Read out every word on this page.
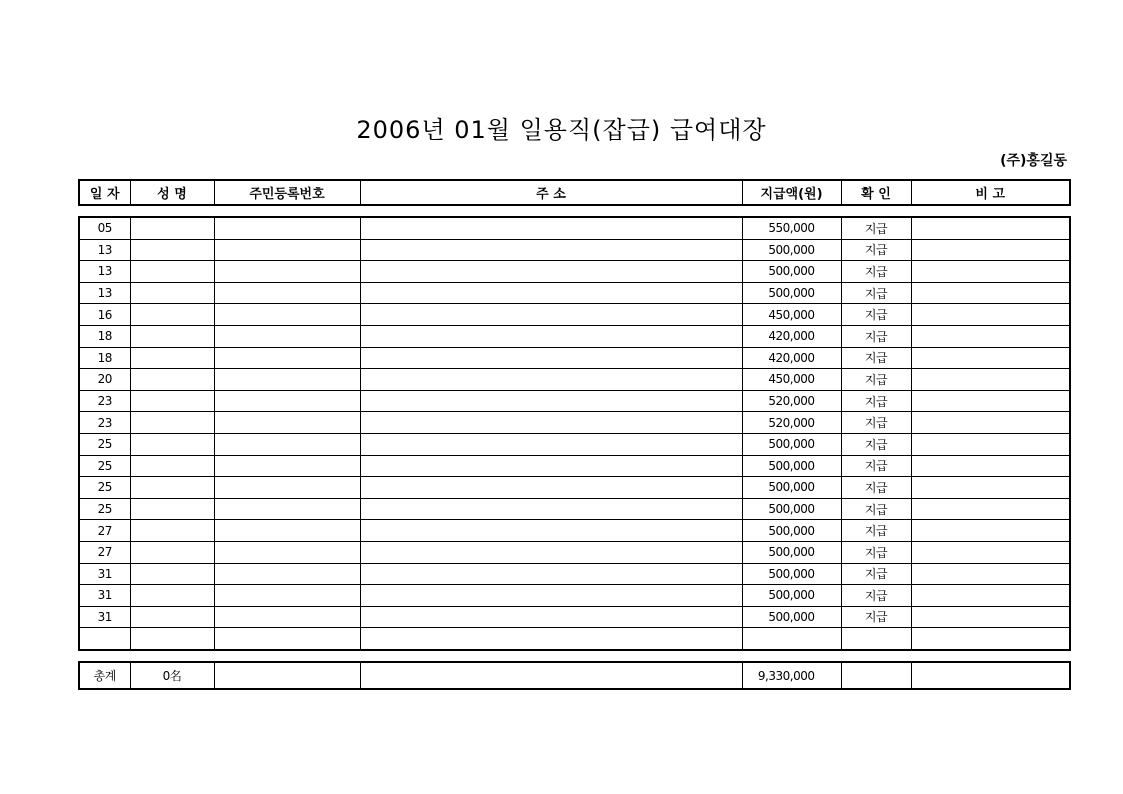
2006년 01월 일용직(잡급) 급여대장
(주)홍길동
일 자	성 명	주민등록번호	주 소	지급액(원)	확 인	비 고
05				550,000	지급	
13				500,000	지급	
13				500,000	지급	
13				500,000	지급	
16				450,000	지급	
18				420,000	지급	
18				420,000	지급	
20				450,000	지급	
23				520,000	지급	
23				520,000	지급	
25				500,000	지급	
25				500,000	지급	
25				500,000	지급	
25				500,000	지급	
27				500,000	지급	
27				500,000	지급	
31				500,000	지급	
31				500,000	지급	
31				500,000	지급	

총계	0名			9,330,000		
